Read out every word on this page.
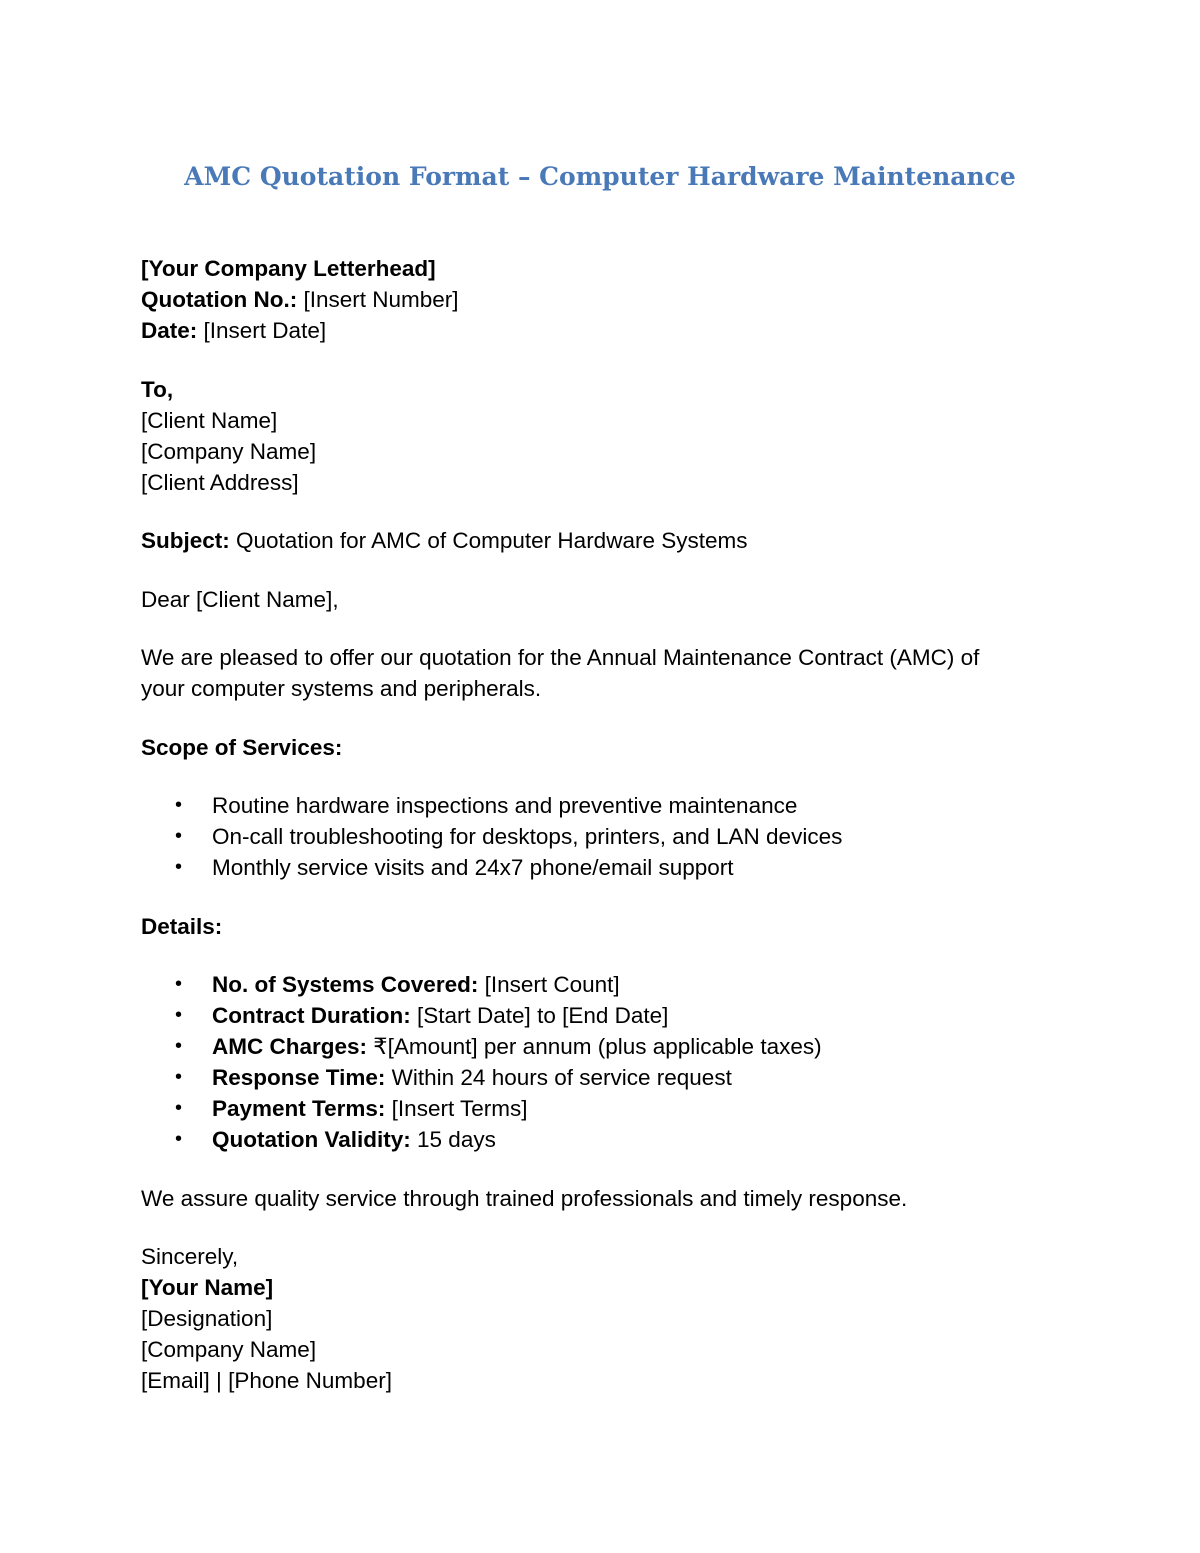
AMC Quotation Format – Computer Hardware Maintenance
[Your Company Letterhead]
Quotation No.: [Insert Number]
Date: [Insert Date]
To,
[Client Name]
[Company Name]
[Client Address]
Subject: Quotation for AMC of Computer Hardware Systems
Dear [Client Name],
We are pleased to offer our quotation for the Annual Maintenance Contract (AMC) of
your computer systems and peripherals.
Scope of Services:
• Routine hardware inspections and preventive maintenance
• On-call troubleshooting for desktops, printers, and LAN devices
• Monthly service visits and 24x7 phone/email support
Details:
• No. of Systems Covered: [Insert Count]
• Contract Duration: [Start Date] to [End Date]
• AMC Charges: ₹[Amount] per annum (plus applicable taxes)
• Response Time: Within 24 hours of service request
• Payment Terms: [Insert Terms]
• Quotation Validity: 15 days
We assure quality service through trained professionals and timely response.
Sincerely,
[Your Name]
[Designation]
[Company Name]
[Email] | [Phone Number]
